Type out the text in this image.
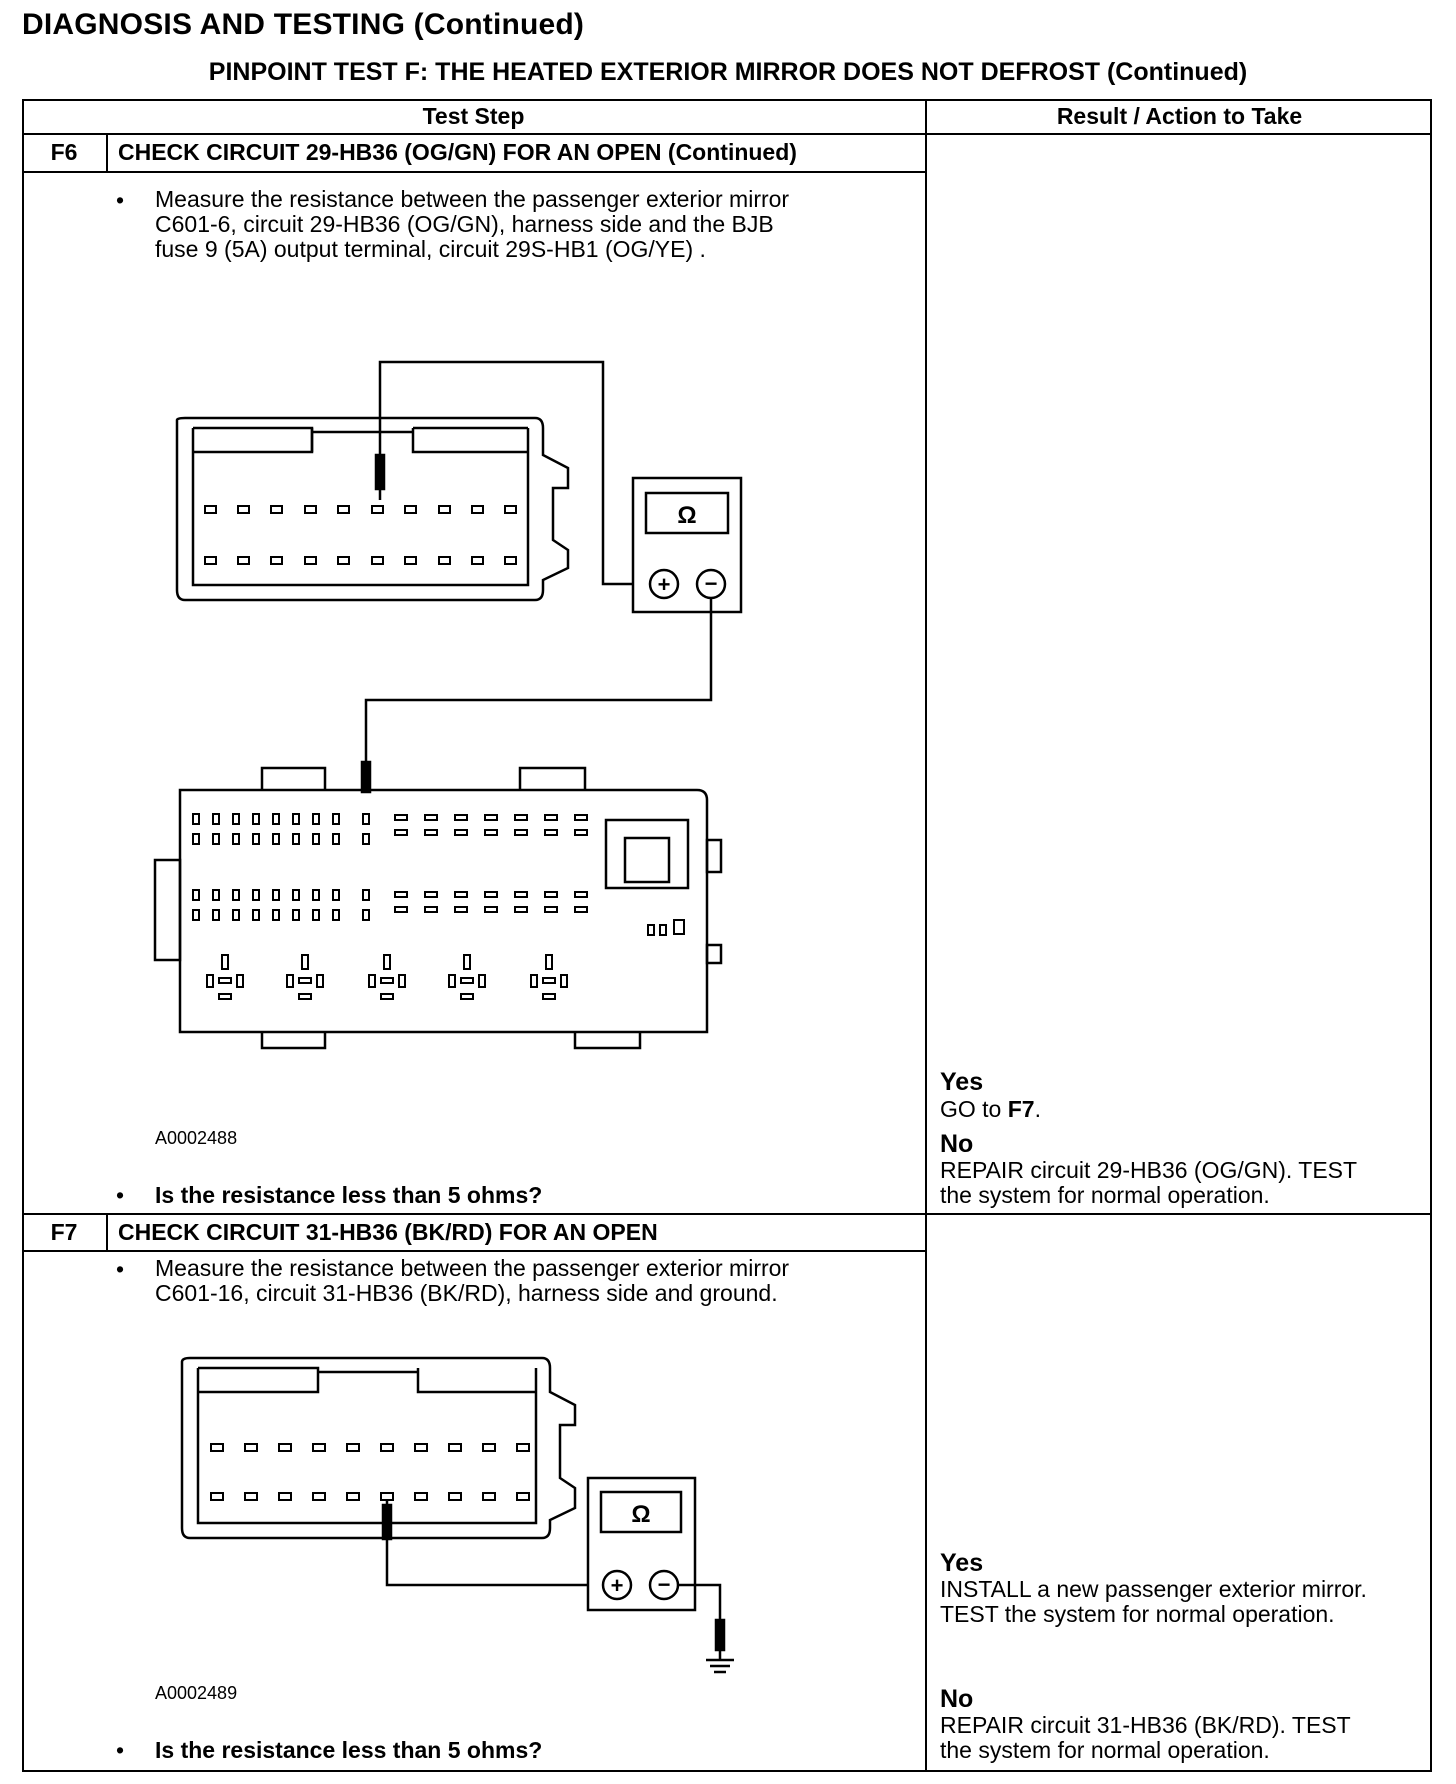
DIAGNOSIS AND TESTING (Continued)
PINPOINT TEST F: THE HEATED EXTERIOR MIRROR DOES NOT DEFROST (Continued)
Test Step	Result / Action to Take
F6	CHECK CIRCUIT 29-HB36 (OG/GN) FOR AN OPEN (Continued)
• Measure the resistance between the passenger exterior mirror
C601-6, circuit 29-HB36 (OG/GN), harness side and the BJB
fuse 9 (5A) output terminal, circuit 29S-HB1 (OG/YE) .
Ω
+ −
A0002488
• Is the resistance less than 5 ohms?
Yes
GO to F7.
No
REPAIR circuit 29-HB36 (OG/GN). TEST
the system for normal operation.
F7	CHECK CIRCUIT 31-HB36 (BK/RD) FOR AN OPEN
• Measure the resistance between the passenger exterior mirror
C601-16, circuit 31-HB36 (BK/RD), harness side and ground.
Ω
+ −
A0002489
• Is the resistance less than 5 ohms?
Yes
INSTALL a new passenger exterior mirror.
TEST the system for normal operation.
No
REPAIR circuit 31-HB36 (BK/RD). TEST
the system for normal operation.
